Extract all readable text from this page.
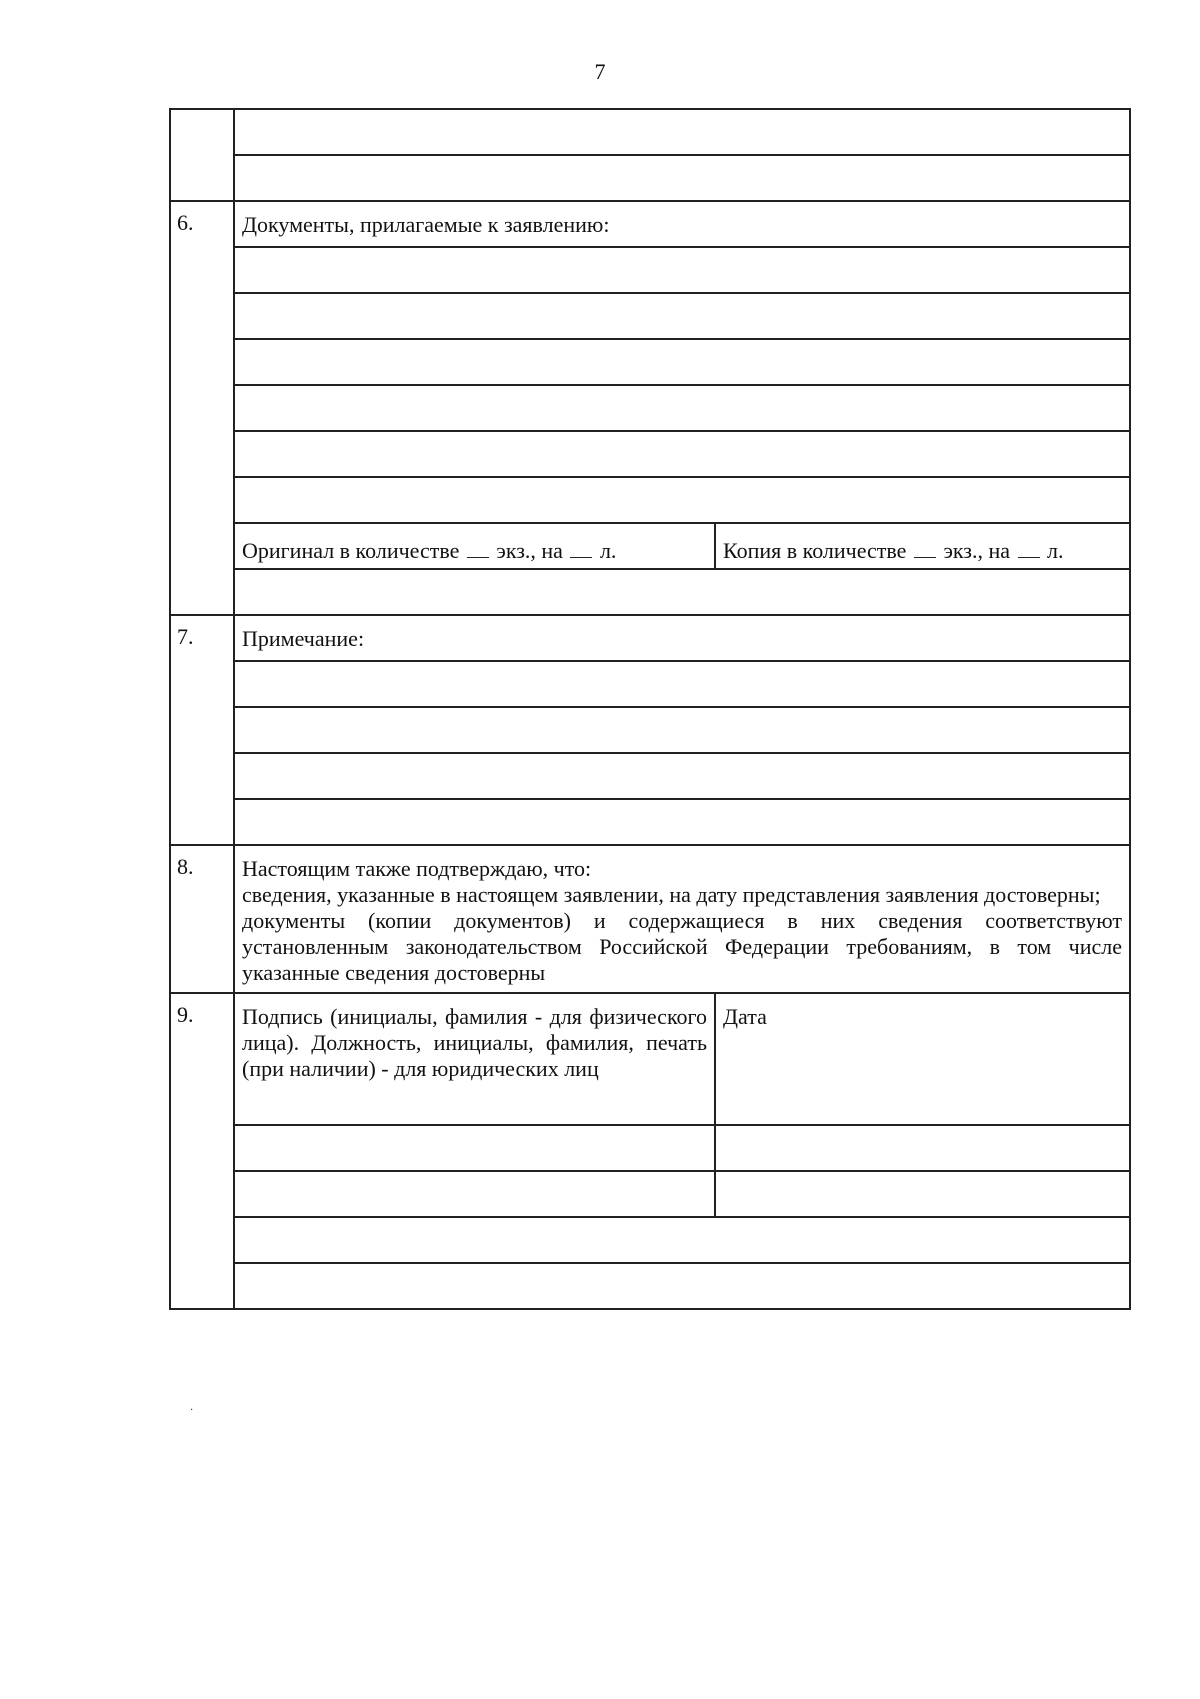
7

6.	Документы, прилагаемые к заявлению:	

	Оригинал в количестве экз., на л.	Копия в количестве экз., на л.

7.	Примечание:	

8.	Настоящим также подтверждаю, что:
сведения, указанные в настоящем заявлении, на дату представления заявления достоверны;
документы (копии документов) и содержащиеся в них сведения соответствуют установленным законодательством Российской Федерации требованиям, в том числе указанные сведения достоверны	

9.	Подпись (инициалы, фамилия - для физического лица). Должность, инициалы, фамилия, печать (при наличии) - для юридических лиц	Дата

·
